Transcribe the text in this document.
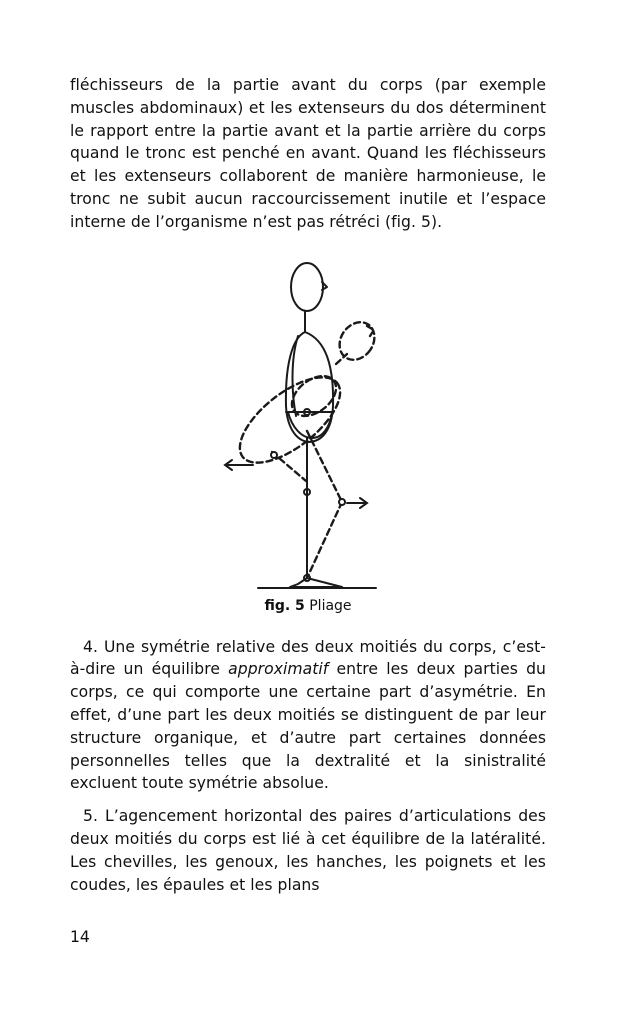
fléchisseurs de la partie avant du corps (par exemple muscles abdominaux) et les extenseurs du dos déterminent le rapport entre la partie avant et la partie arrière du corps quand le tronc est penché en avant. Quand les fléchisseurs et les extenseurs collaborent de manière harmonieuse, le tronc ne subit aucun raccourcissement inutile et l’espace interne de l’organisme n’est pas rétréci (fig. 5).

fig. 5 Pliage

4. Une symétrie relative des deux moitiés du corps, c’est-à-dire un équilibre approximatif entre les deux parties du corps, ce qui comporte une certaine part d’asymétrie. En effet, d’une part les deux moitiés se distinguent de par leur structure organique, et d’autre part certaines données personnelles telles que la dextralité et la sinistralité excluent toute symétrie absolue.

5. L’agencement horizontal des paires d’articulations des deux moitiés du corps est lié à cet équilibre de la latéralité. Les chevilles, les genoux, les hanches, les poignets et les coudes, les épaules et les plans

14
